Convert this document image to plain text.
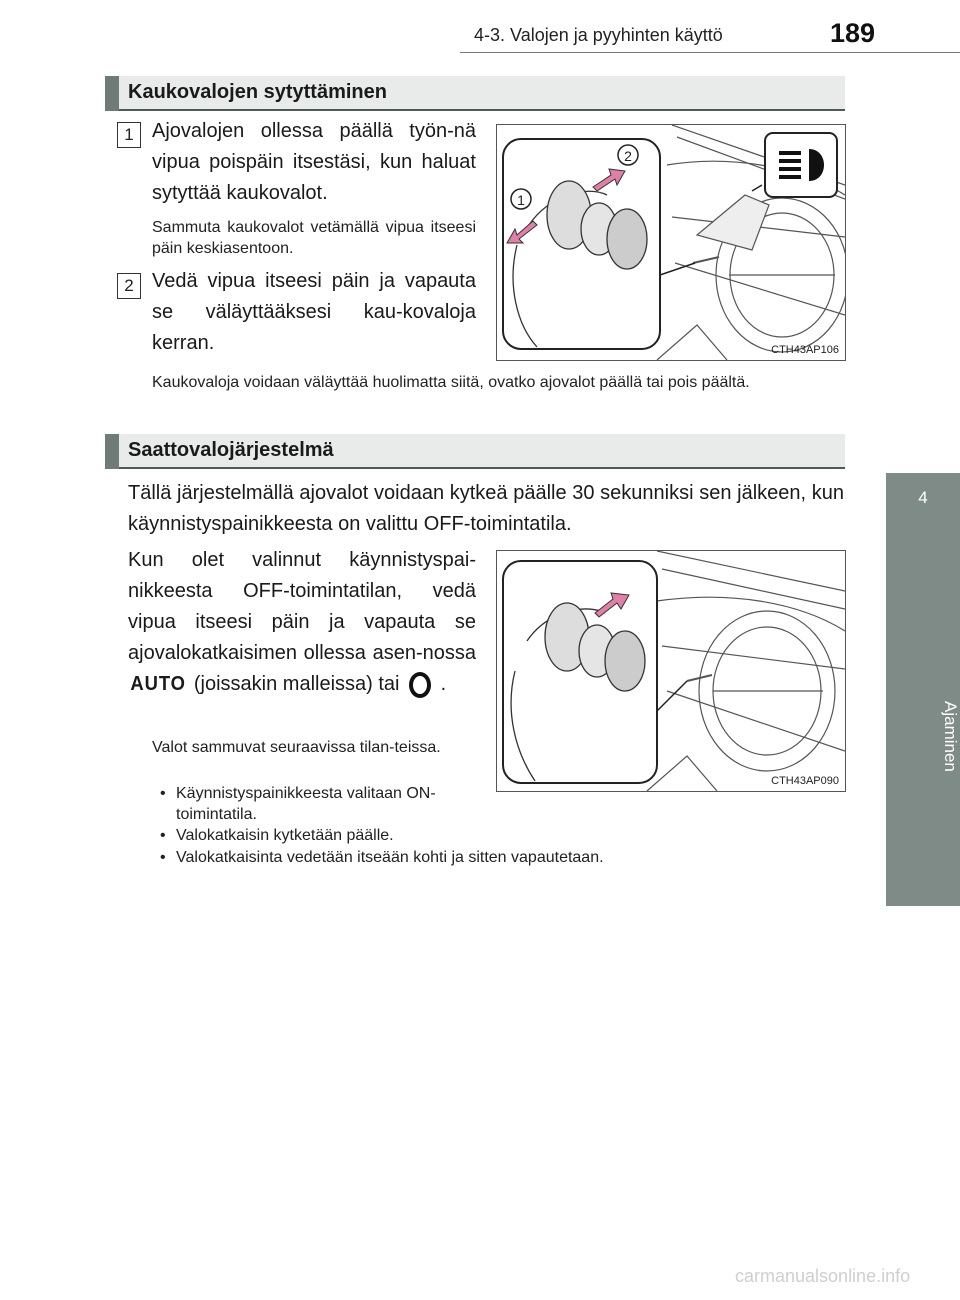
4-3. Valojen ja pyyhinten käyttö	189
4
Ajaminen
Kaukovalojen sytyttäminen
1 Ajovalojen ollessa päällä työn-nä vipua poispäin itsestäsi, kun haluat sytyttää kaukovalot.
Sammuta kaukovalot vetämällä vipua itseesi päin keskiasentoon.
2 Vedä vipua itseesi päin ja vapauta se väläyttääksesi kau-kovaloja kerran.
2
1
CTH43AP106
Kaukovaloja voidaan väläyttää huolimatta siitä, ovatko ajovalot päällä tai pois päältä.
Saattovalojärjestelmä
Tällä järjestelmällä ajovalot voidaan kytkeä päälle 30 sekunniksi sen jälkeen, kun käynnistyspainikkeesta on valittu OFF-toimintatila.
Kun olet valinnut käynnistyspai-nikkeesta OFF-toimintatilan, vedä vipua itseesi päin ja vapauta se ajovalokatkaisimen ollessa asen-nossa AUTO (joissakin malleissa) tai .
Valot sammuvat seuraavissa tilan-teissa.
• Käynnistyspainikkeesta valitaan ON-toimintatila.
• Valokatkaisin kytketään päälle.
• Valokatkaisinta vedetään itseään kohti ja sitten vapautetaan.
CTH43AP090
carmanualsonline.info
